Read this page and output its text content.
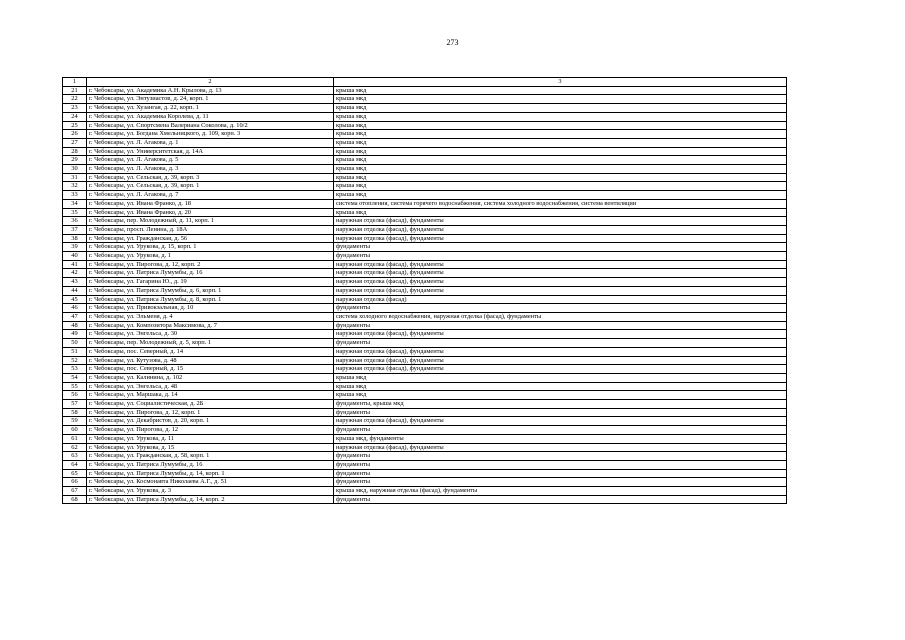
273
1	2	3
21	г. Чебоксары, ул. Академика А.Н. Крылова, д. 13	крыша мкд
22	г. Чебоксары, ул. Энтузиастов, д. 24, корп. 1	крыша мкд
23	г. Чебоксары, ул. Хузангая, д. 22, корп. 1	крыша мкд
24	г. Чебоксары, ул. Академика Королева, д. 11	крыша мкд
25	г. Чебоксары, ул. Спортсмена Валериана Соколова, д. 10/2	крыша мкд
26	г. Чебоксары, ул. Богдана Хмельницкого, д. 109, корп. 3	крыша мкд
27	г. Чебоксары, ул. Л. Агакова, д. 1	крыша мкд
28	г. Чебоксары, ул. Университетская, д. 14А	крыша мкд
29	г. Чебоксары, ул. Л. Агакова, д. 5	крыша мкд
30	г. Чебоксары, ул. Л. Агакова, д. 3	крыша мкд
31	г. Чебоксары, ул. Сельская, д. 39, корп. 3	крыша мкд
32	г. Чебоксары, ул. Сельская, д. 39, корп. 1	крыша мкд
33	г. Чебоксары, ул. Л. Агакова, д. 7	крыша мкд
34	г. Чебоксары, ул. Ивана Франко, д. 18	система отопления, система горячего водоснабжения, система холодного водоснабжения, система вентиляции
35	г. Чебоксары, ул. Ивана Франко, д. 20	крыша мкд
36	г. Чебоксары, пер. Молодежный, д. 11, корп. 1	наружная отделка (фасад), фундаменты
37	г. Чебоксары, просп. Ленина, д. 18А	наружная отделка (фасад), фундаменты
38	г. Чебоксары, ул. Гражданская, д. 56	наружная отделка (фасад), фундаменты
39	г. Чебоксары, ул. Урукова, д. 15, корп. 1	фундаменты
40	г. Чебоксары, ул. Урукова, д. 1	фундаменты
41	г. Чебоксары, ул. Пирогова, д. 12, корп. 2	наружная отделка (фасад), фундаменты
42	г. Чебоксары, ул. Патриса Лумумбы, д. 16	наружная отделка (фасад), фундаменты
43	г. Чебоксары, ул. Гагарина Ю., д. 19	наружная отделка (фасад), фундаменты
44	г. Чебоксары, ул. Патриса Лумумбы, д. 6, корп. 1	наружная отделка (фасад), фундаменты
45	г. Чебоксары, ул. Патриса Лумумбы, д. 8, корп. 1	наружная отделка (фасад)
46	г. Чебоксары, ул. Привокзальная, д. 10	фундаменты
47	г. Чебоксары, ул. Эльменя, д. 4	система холодного водоснабжения, наружная отделка (фасад), фундаменты
48	г. Чебоксары, ул. Композитора Максимова, д. 7	фундаменты
49	г. Чебоксары, ул. Энгельса, д. 30	наружная отделка (фасад), фундаменты
50	г. Чебоксары, пер. Молодежный, д. 5, корп. 1	фундаменты
51	г. Чебоксары, пос. Северный, д. 14	наружная отделка (фасад), фундаменты
52	г. Чебоксары, ул. Кутузова, д. 48	наружная отделка (фасад), фундаменты
53	г. Чебоксары, пос. Северный, д. 15	наружная отделка (фасад), фундаменты
54	г. Чебоксары, ул. Калинина, д. 102	крыша мкд
55	г. Чебоксары, ул. Энгельса, д. 48	крыша мкд
56	г. Чебоксары, ул. Маршака, д. 14	крыша мкд
57	г. Чебоксары, ул. Социалистическая, д. 2Б	фундаменты, крыша мкд
58	г. Чебоксары, ул. Пирогова, д. 12, корп. 1	фундаменты
59	г. Чебоксары, ул. Декабристов, д. 20, корп. 1	наружная отделка (фасад), фундаменты
60	г. Чебоксары, ул. Пирогова, д. 12	фундаменты
61	г. Чебоксары, ул. Урукова, д. 11	крыша мкд, фундаменты
62	г. Чебоксары, ул. Урукова, д. 15	наружная отделка (фасад), фундаменты
63	г. Чебоксары, ул. Гражданская, д. 58, корп. 1	фундаменты
64	г. Чебоксары, ул. Патриса Лумумбы, д. 16	фундаменты
65	г. Чебоксары, ул. Патриса Лумумбы, д. 14, корп. 1	фундаменты
66	г. Чебоксары, ул. Космонавта Николаева А.Г., д. 51	фундаменты
67	г. Чебоксары, ул. Урукова, д. 3	крыша мкд, наружная отделка (фасад), фундаменты
68	г. Чебоксары, ул. Патриса Лумумбы, д. 14, корп. 2	фундаменты
